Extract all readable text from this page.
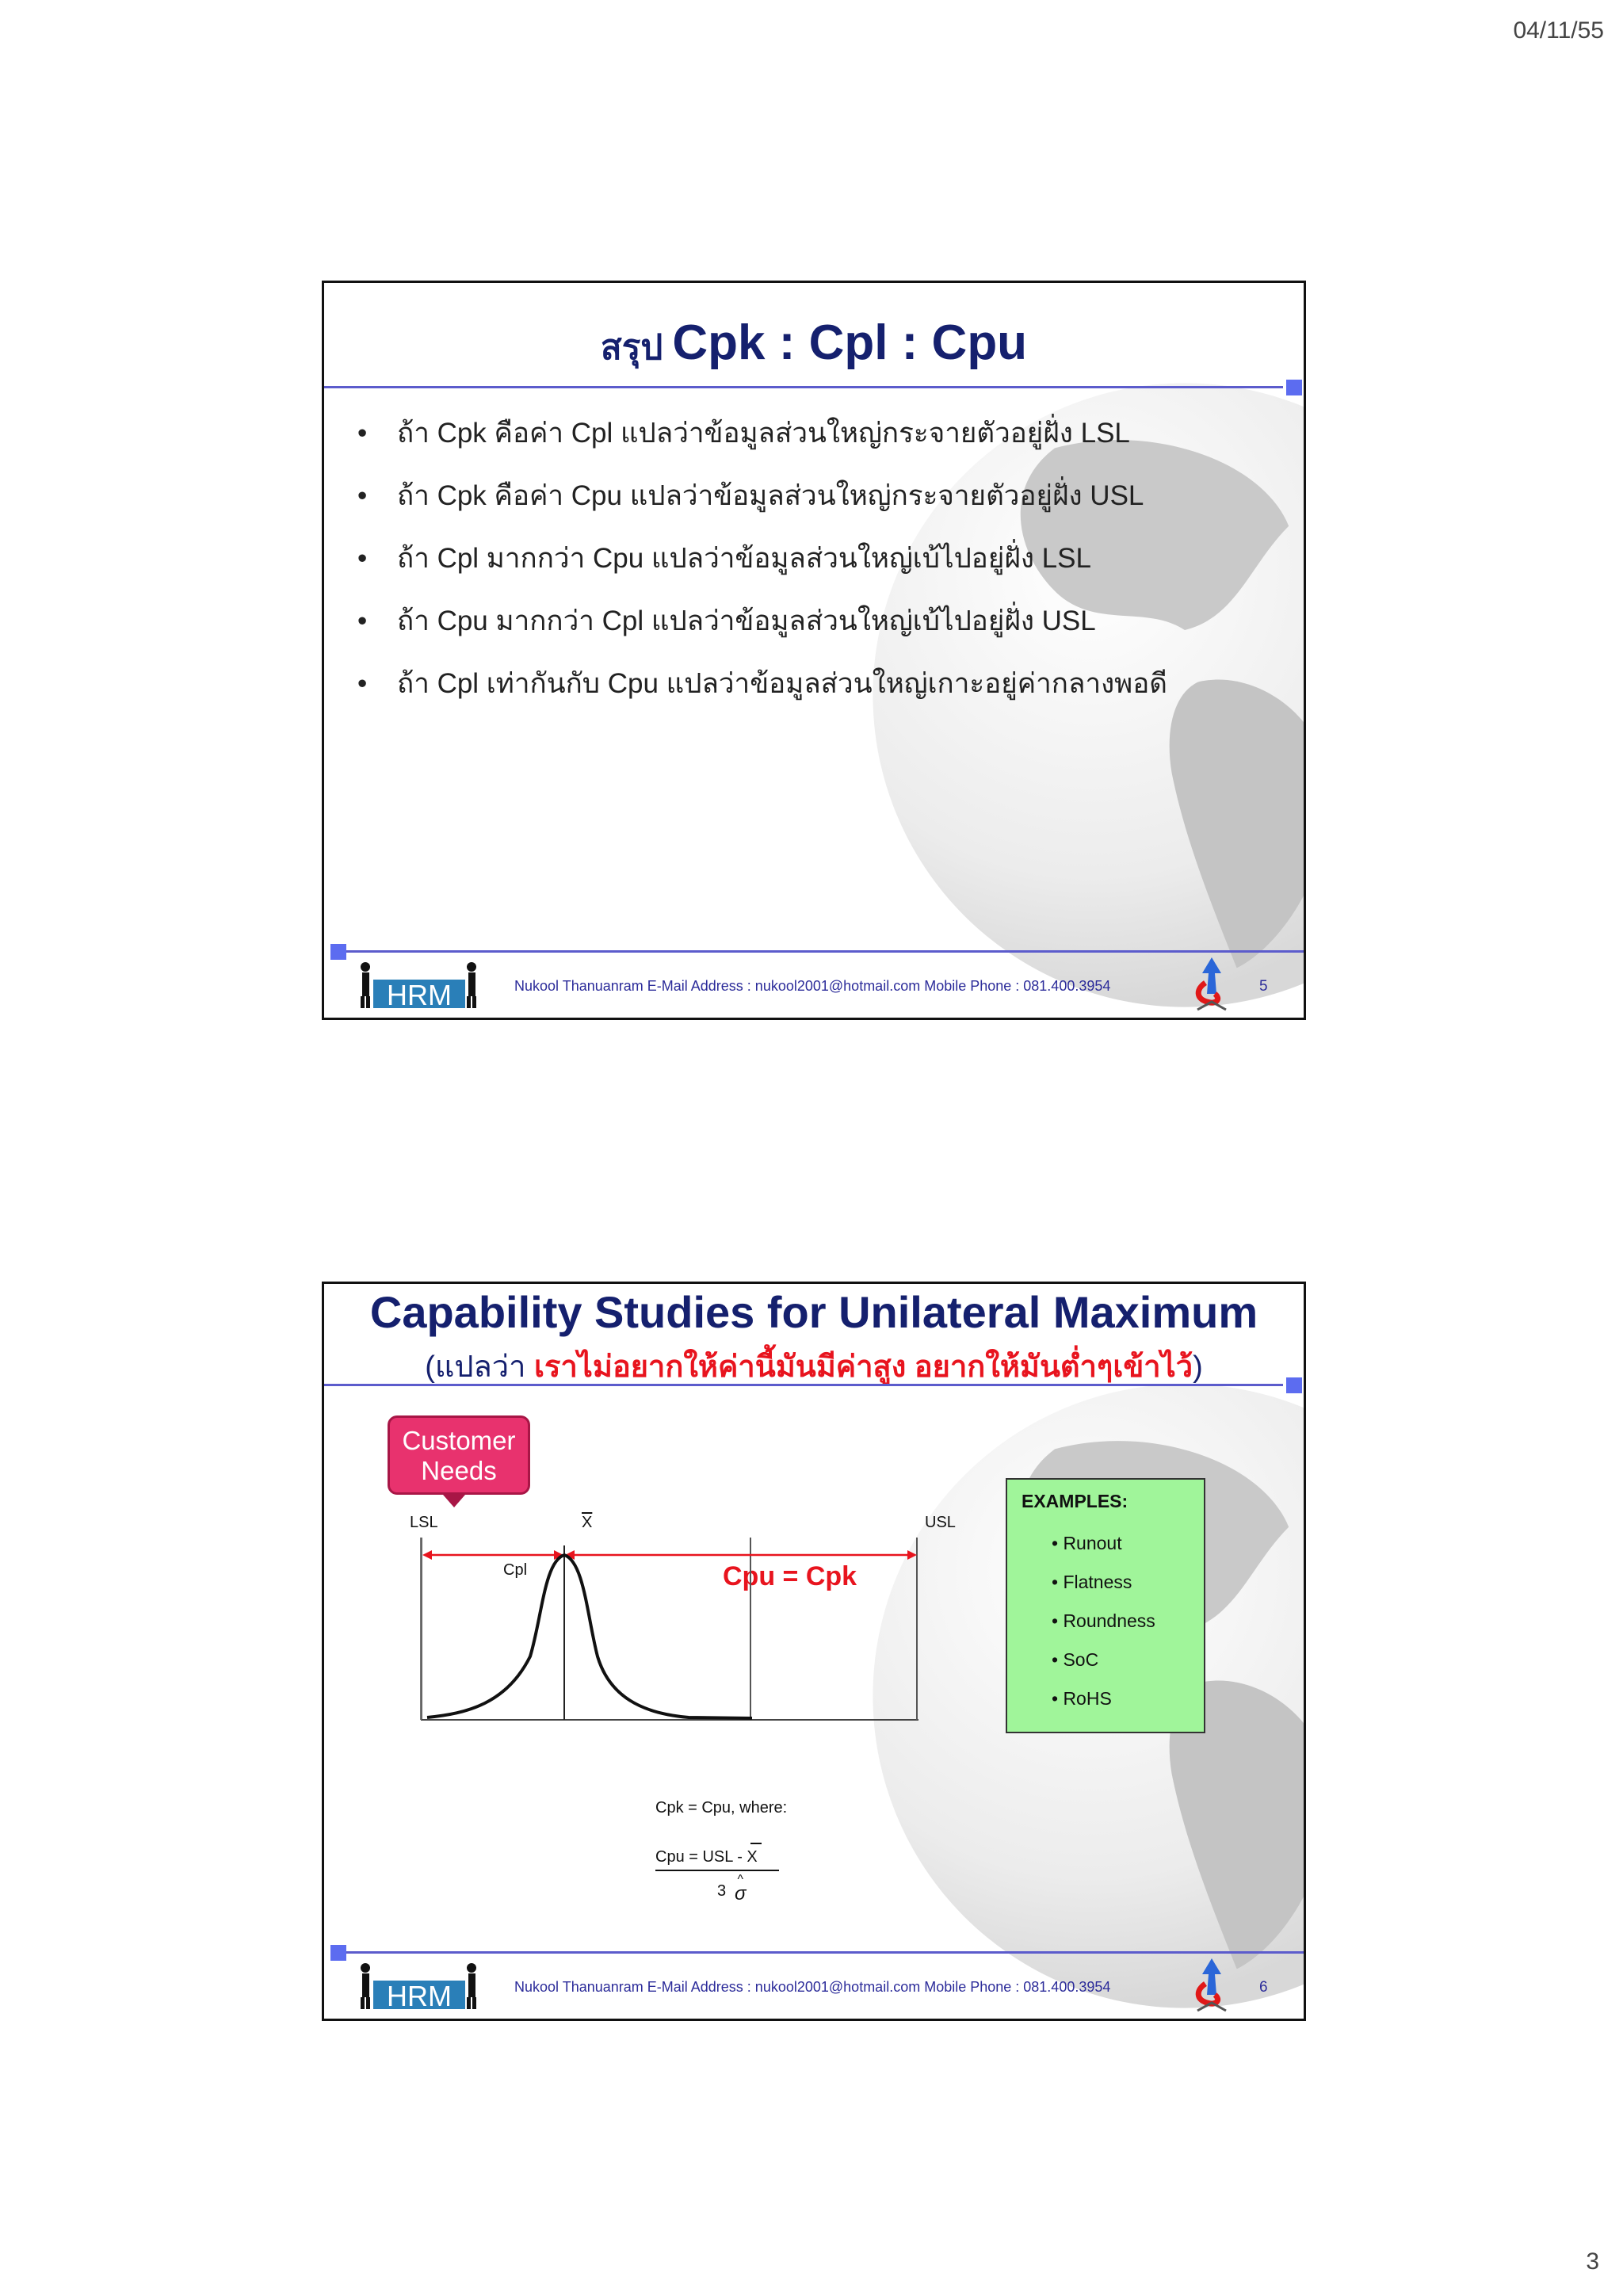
04/11/55
สรุป Cpk : Cpl : Cpu
• ถ้า Cpk คือค่า Cpl แปลว่าข้อมูลส่วนใหญ่กระจายตัวอยู่ฝั่ง LSL
• ถ้า Cpk คือค่า Cpu แปลว่าข้อมูลส่วนใหญ่กระจายตัวอยู่ฝั่ง USL
• ถ้า Cpl มากกว่า Cpu แปลว่าข้อมูลส่วนใหญ่เบ้ไปอยู่ฝั่ง LSL
• ถ้า Cpu มากกว่า Cpl แปลว่าข้อมูลส่วนใหญ่เบ้ไปอยู่ฝั่ง USL
• ถ้า Cpl เท่ากันกับ Cpu แปลว่าข้อมูลส่วนใหญ่เกาะอยู่ค่ากลางพอดี
HRM	Nukool Thanuanram E-Mail Address : nukool2001@hotmail.com Mobile Phone : 081.400.3954	5
Capability Studies for Unilateral Maximum
(แปลว่า เราไม่อยากให้ค่านี้มันมีค่าสูง อยากให้มันต่ำๆเข้าไว้)
Customer
Needs
LSL	$\overline{X}$	USL
Cpl	Cpu = Cpk
EXAMPLES:
• Runout
• Flatness
• Roundness
• SoC
• RoHS
Cpk = Cpu, where:
Cpu = USL - X
3
^
σ
HRM	Nukool Thanuanram E-Mail Address : nukool2001@hotmail.com Mobile Phone : 081.400.3954	6
3
